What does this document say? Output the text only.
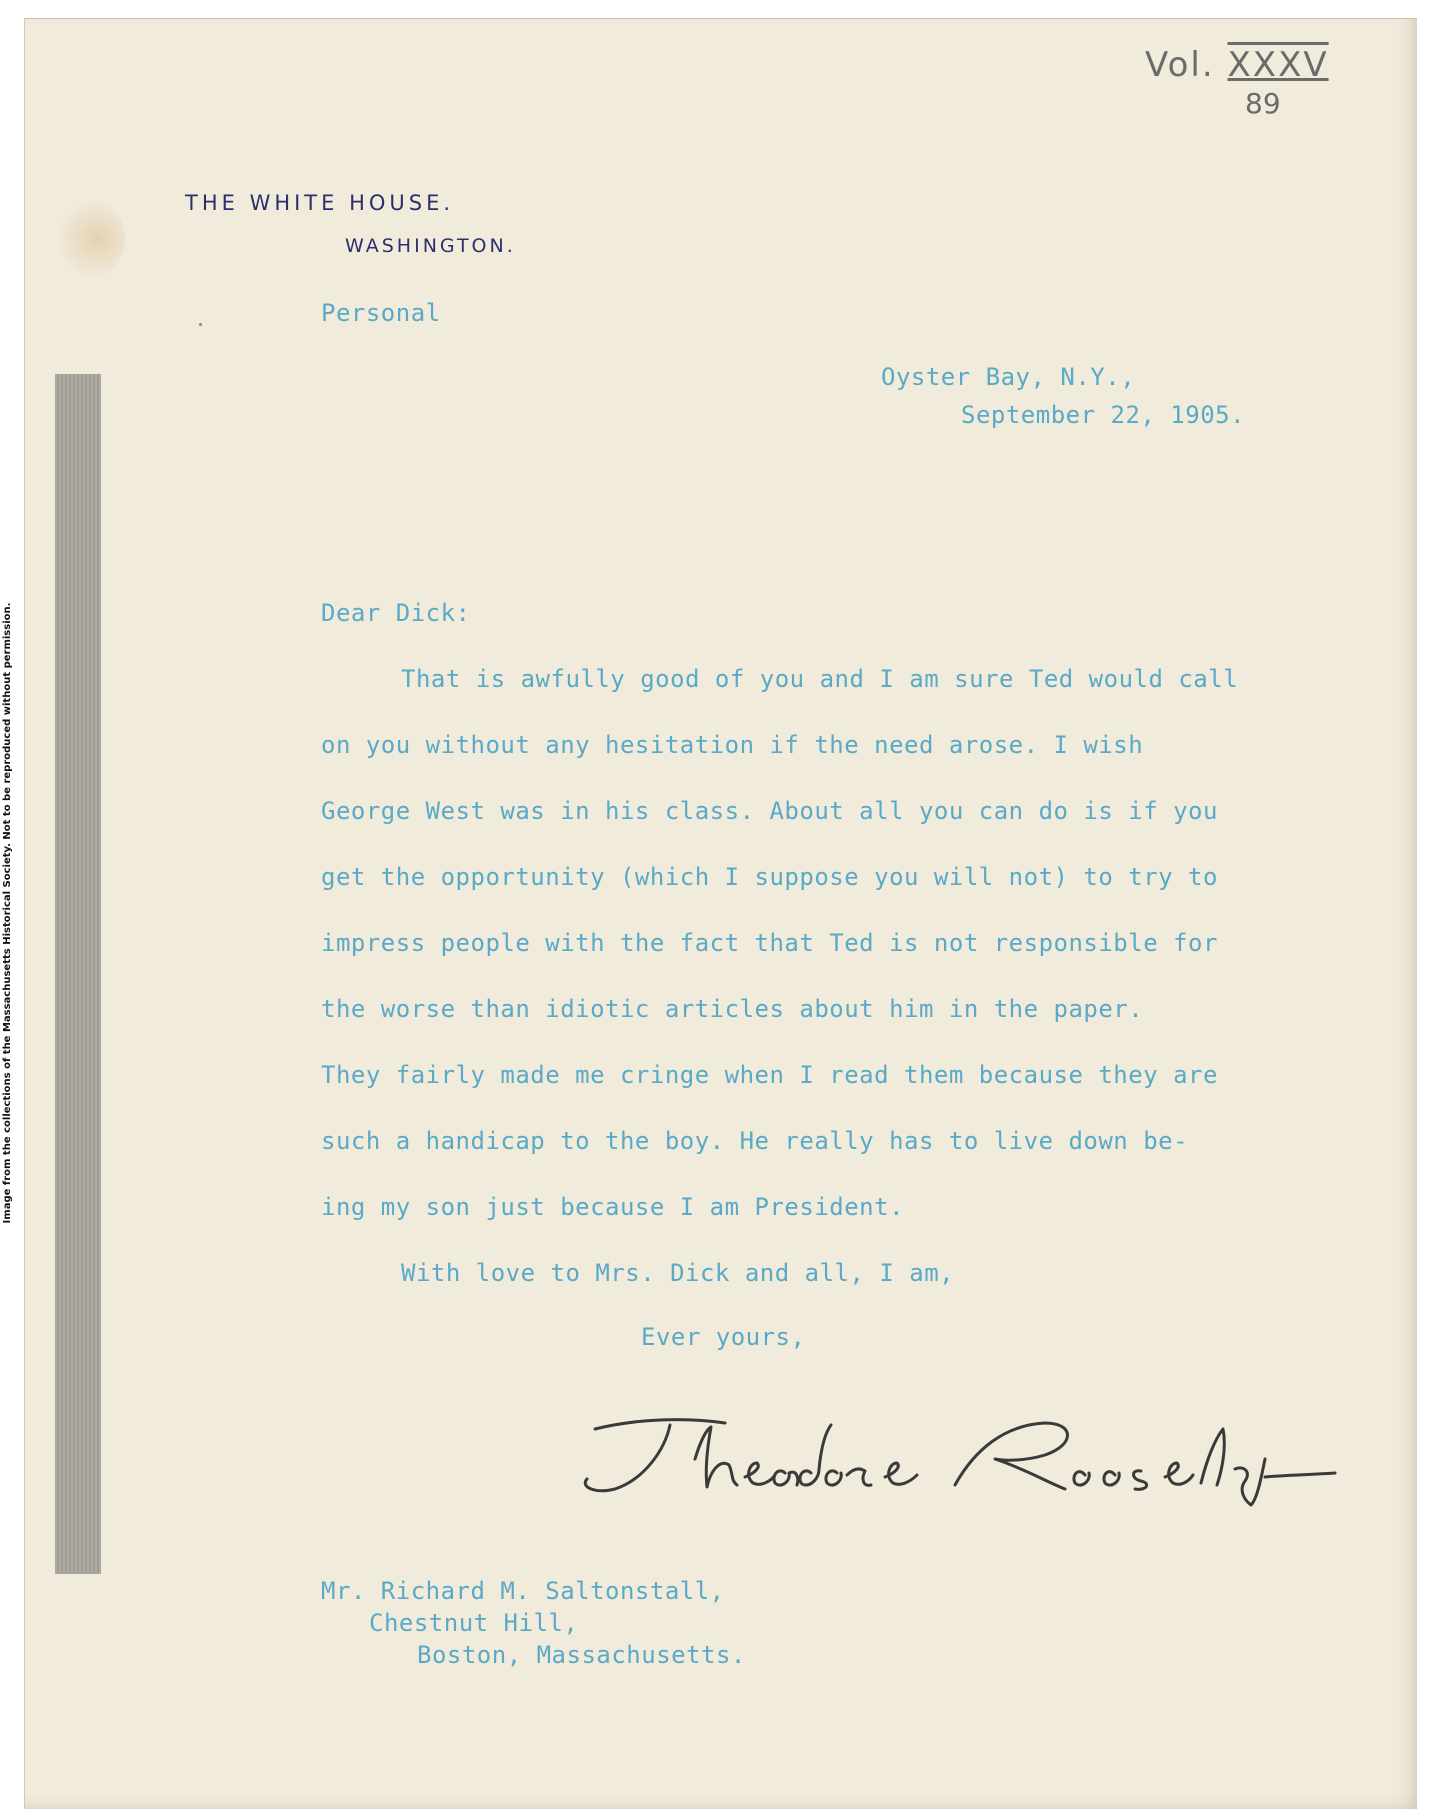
Image from the collections of the Massachusetts Historical Society. Not to be reproduced without permission.
Vol. XXXV
89
THE WHITE HOUSE.
WASHINGTON.
Personal
Oyster Bay, N.Y.,
September 22, 1905.
Dear Dick:
That is awfully good of you and I am sure Ted would call
on you without any hesitation if the need arose. I wish
George West was in his class. About all you can do is if you
get the opportunity (which I suppose you will not) to try to
impress people with the fact that Ted is not responsible for
the worse than idiotic articles about him in the paper.
They fairly made me cringe when I read them because they are
such a handicap to the boy. He really has to live down be-
ing my son just because I am President.
With love to Mrs. Dick and all, I am,
Ever yours,
Mr. Richard M. Saltonstall,
Chestnut Hill,
Boston, Massachusetts.
